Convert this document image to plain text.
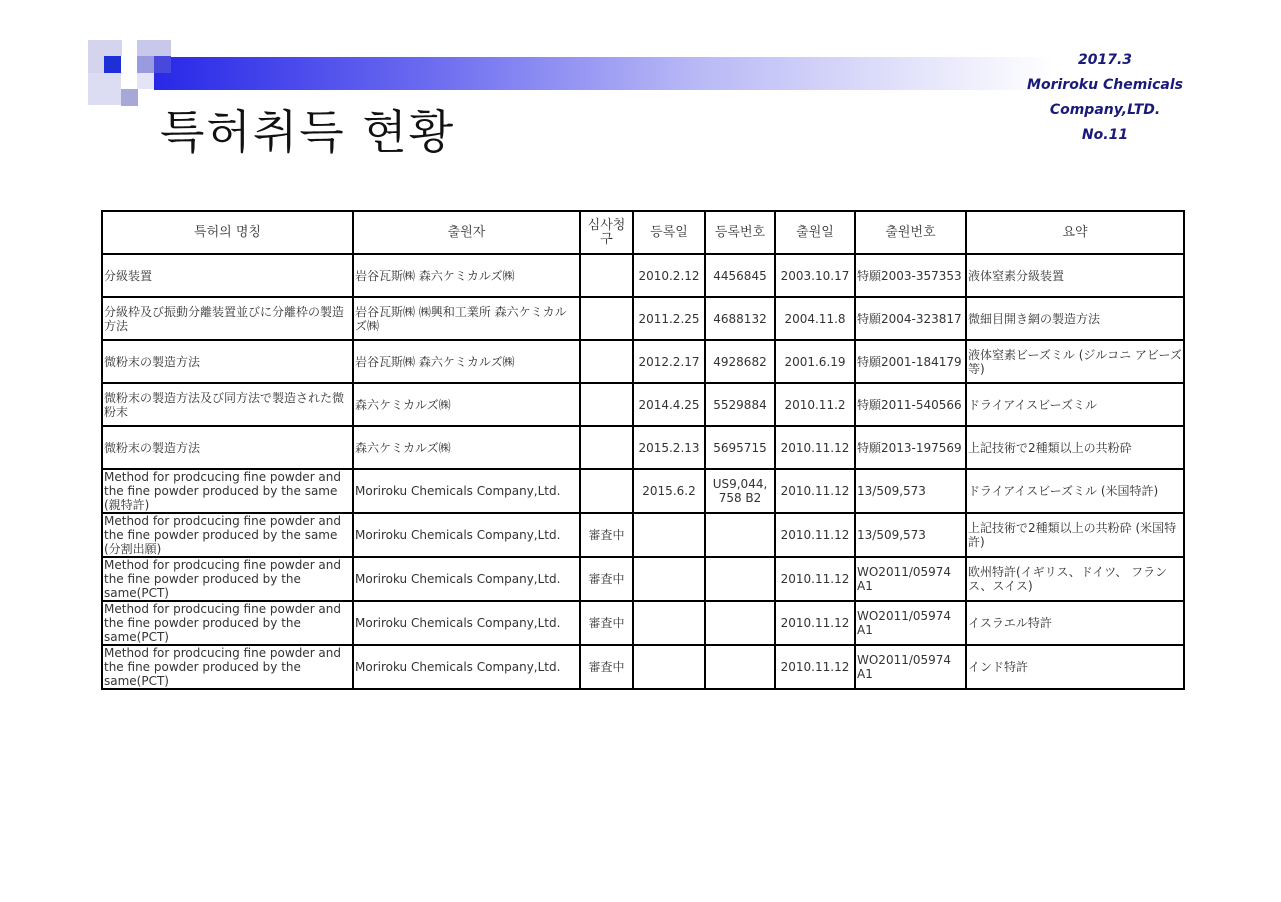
특허취득 현황
2017.3
Moriroku Chemicals
Company,LTD.
No.11
특허의 명칭	출원자	심사청구	등록일	등록번호	출원일	출원번호	요약
分級装置	岩谷瓦斯㈱ 森六ケミカルズ㈱		2010.2.12	4456845	2003.10.17	特願2003-357353	液体窒素分級装置
分級枠及び振動分離装置並びに分離枠の製造方法	岩谷瓦斯㈱ ㈱興和工業所 森六ケミカルズ㈱		2011.2.25	4688132	2004.11.8	特願2004-323817	微細目開き網の製造方法
微粉末の製造方法	岩谷瓦斯㈱ 森六ケミカルズ㈱		2012.2.17	4928682	2001.6.19	特願2001-184179	液体窒素ビーズミル (ジルコニ アビーズ等)
微粉末の製造方法及び同方法で製造された微粉末	森六ケミカルズ㈱		2014.4.25	5529884	2010.11.2	特願2011-540566	ドライアイスビーズミル
微粉末の製造方法	森六ケミカルズ㈱		2015.2.13	5695715	2010.11.12	特願2013-197569	上記技術で2種類以上の共粉砕
Method for prodcucing fine powder and the fine powder produced by the same (親特許)	Moriroku Chemicals Company,Ltd.		2015.6.2	US9,044, 758 B2	2010.11.12	13/509,573	ドライアイスビーズミル (米国特許)
Method for prodcucing fine powder and the fine powder produced by the same (分割出願)	Moriroku Chemicals Company,Ltd.	審査中			2010.11.12	13/509,573	上記技術で2種類以上の共粉砕 (米国特許)
Method for prodcucing fine powder and the fine powder produced by the same(PCT)	Moriroku Chemicals Company,Ltd.	審査中			2010.11.12	WO2011/05974 A1	欧州特許(イギリス、ドイツ、 フランス、スイス)
Method for prodcucing fine powder and the fine powder produced by the same(PCT)	Moriroku Chemicals Company,Ltd.	審査中			2010.11.12	WO2011/05974 A1	イスラエル特許
Method for prodcucing fine powder and the fine powder produced by the same(PCT)	Moriroku Chemicals Company,Ltd.	審査中			2010.11.12	WO2011/05974 A1	インド特許
